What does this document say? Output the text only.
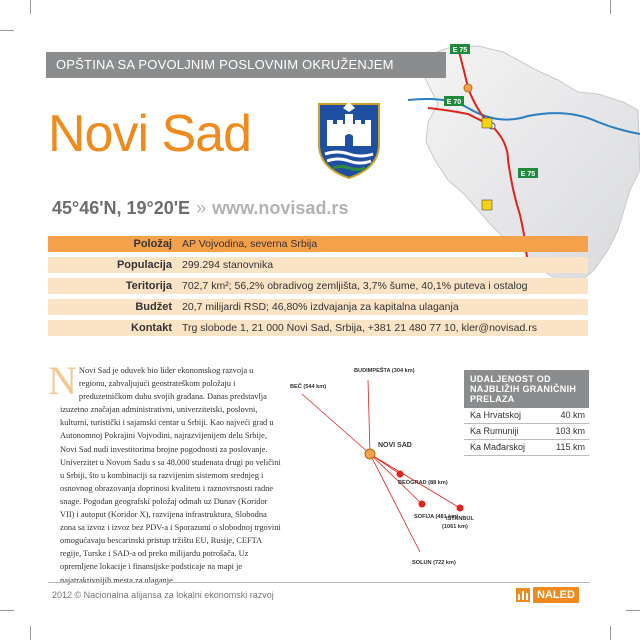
E 75
E 70
E 75
OPŠTINA SA POVOLJNIM POSLOVNIM OKRUŽENJEM
Novi Sad
45°46'N, 19°20'E » www.novisad.rs
Položaj AP Vojvodina, severna Srbija
Populacija 299.294 stanovnika
Teritorija 702,7 km²; 56,2% obradivog zemljišta, 3,7% šume, 40,1% puteva i ostalog
Budžet 20,7 milijardi RSD; 46,80% izdvajanja za kapitalna ulaganja
Kontakt Trg slobode 1, 21 000 Novi Sad, Srbija, +381 21 480 77 10, kler@novisad.rs
N Novi Sad je oduvek bio lider ekonomskog razvoja u regionu, zahvaljujući geostrateškom položaju i preduzetničkom duhu svojih građana. Danas predstavlja izuzetno značajan administrativni, univerzitetski, poslovni, kulturni, turistički i sajamski centar u Srbiji. Kao najveći grad u Autonomnoj Pokrajini Vojvodini, najrazvijenijem delu Srbije, Novi Sad nudi investitorima brojne pogodnosti za poslovanje. Univerzitet u Novom Sadu s sa 48.000 studenata drugi po veličini u Srbiji, što u kombinaciji sa razvijenim sistemom srednjeg i osnovnog obrazovanja doprinosi kvalitetu i raznovrsnosti radne snage. Pogodan geografski položaj odmah uz Dunav (Koridor VII) i autoput (Koridor X), razvijena infrastruktura, Slobodna zona sa izvoz i izvoz bez PDV-a i Sporazumi o slobodnoj trgovini omogućavaju bescarinski pristup tržištu EU, Rusije, CEFTA regije, Turske i SAD-a od preko milijardu potrošača. Uz opremljene lokacije i finansijske podsticaje na mapi je najatraktivnijih mesta za ulaganje.
NOVI SAD
BUDIMPEŠTA (304 km)
BEČ (544 km)
BEOGRAD (88 km)
SOFIJA (481 km)
ISTANBUL
(1061 km)
SOLUN (722 km)
UDALJENOST OD NAJBLIŽIH GRANIČNIH PRELAZA
Ka Hrvatskoj	40 km
Ka Rumuniji	103 km
Ka Mađarskoj	115 km
2012 © Nacionalna alijansa za lokalni ekonomski razvoj	NALED
